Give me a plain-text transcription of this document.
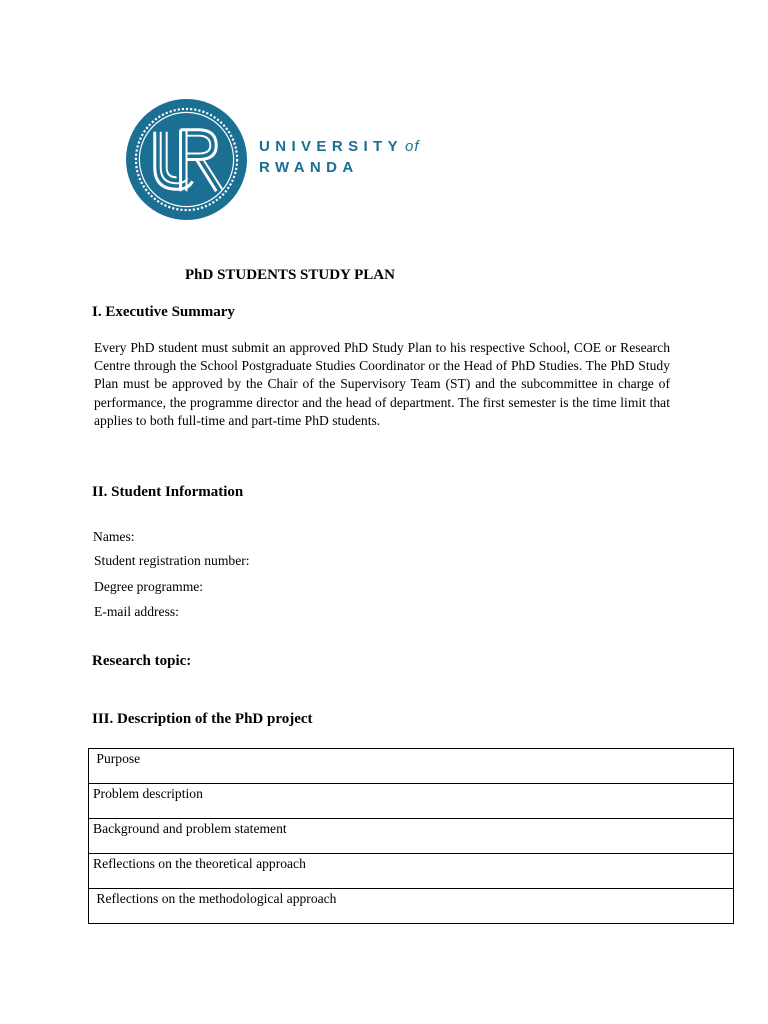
UNIVERSITY of
RWANDA
PhD STUDENTS STUDY PLAN
I. Executive Summary
Every PhD student must submit an approved PhD Study Plan to his respective School, COE or Research Centre through the School Postgraduate Studies Coordinator or the Head of PhD Studies. The PhD Study Plan must be approved by the Chair of the Supervisory Team (ST) and the subcommittee in charge of performance, the programme director and the head of department. The first semester is the time limit that applies to both full-time and part-time PhD students.
II. Student Information
Names:
Student registration number:
Degree programme:
E-mail address:
Research topic:
III. Description of the PhD project
Purpose
Problem description
Background and problem statement
Reflections on the theoretical approach
Reflections on the methodological approach
